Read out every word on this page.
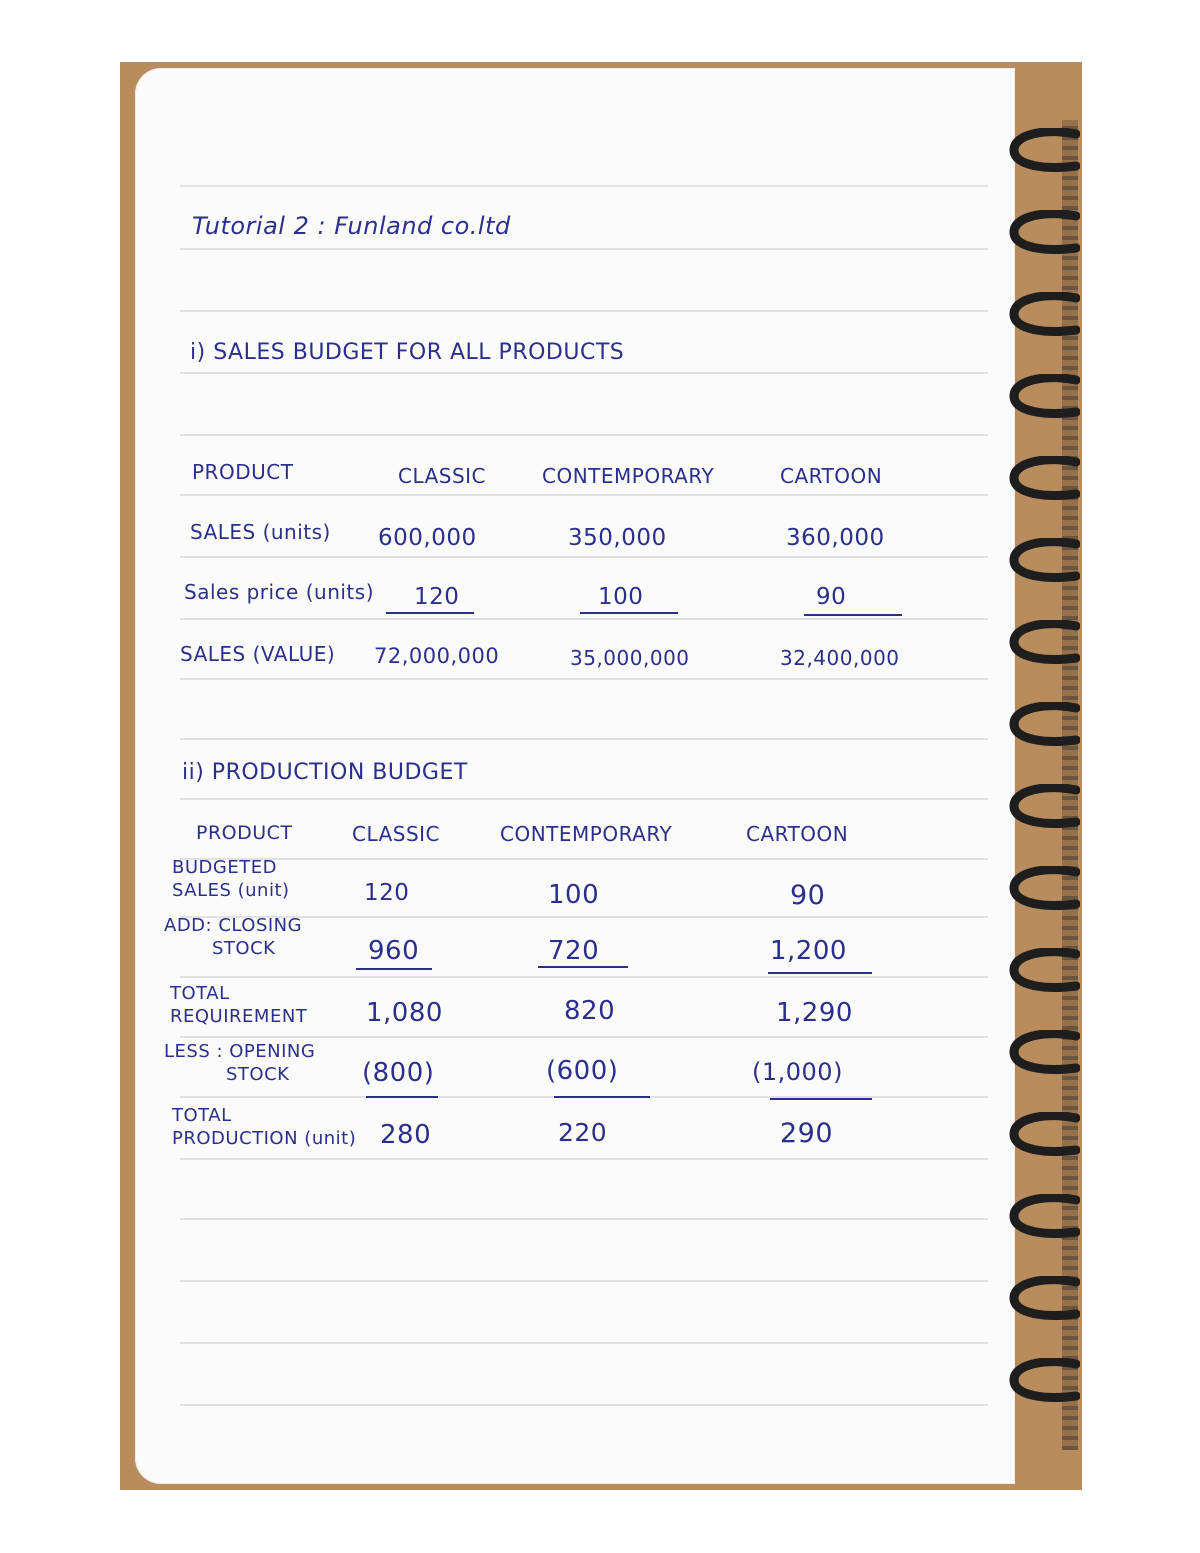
Tutorial 2 : Funland co.ltd
i) SALES BUDGET FOR ALL PRODUCTS
PRODUCT	CLASSIC	CONTEMPORARY	CARTOON
SALES (units) 600,000	350,000	360,000
Sales price (units) 120	100	90
SALES (VALUE) 72,000,000	35,000,000	32,400,000
ii) PRODUCTION BUDGET
PRODUCT	CLASSIC	CONTEMPORARY	CARTOON
BUDGETED
SALES (unit)	120	100	90
ADD: CLOSING
STOCK	960	720	1,200
TOTAL
REQUIREMENT 1,080	820	1,290
LESS : OPENING
STOCK	(800)	(600)	(1,000)
TOTAL
PRODUCTION (unit) 280	220	290
